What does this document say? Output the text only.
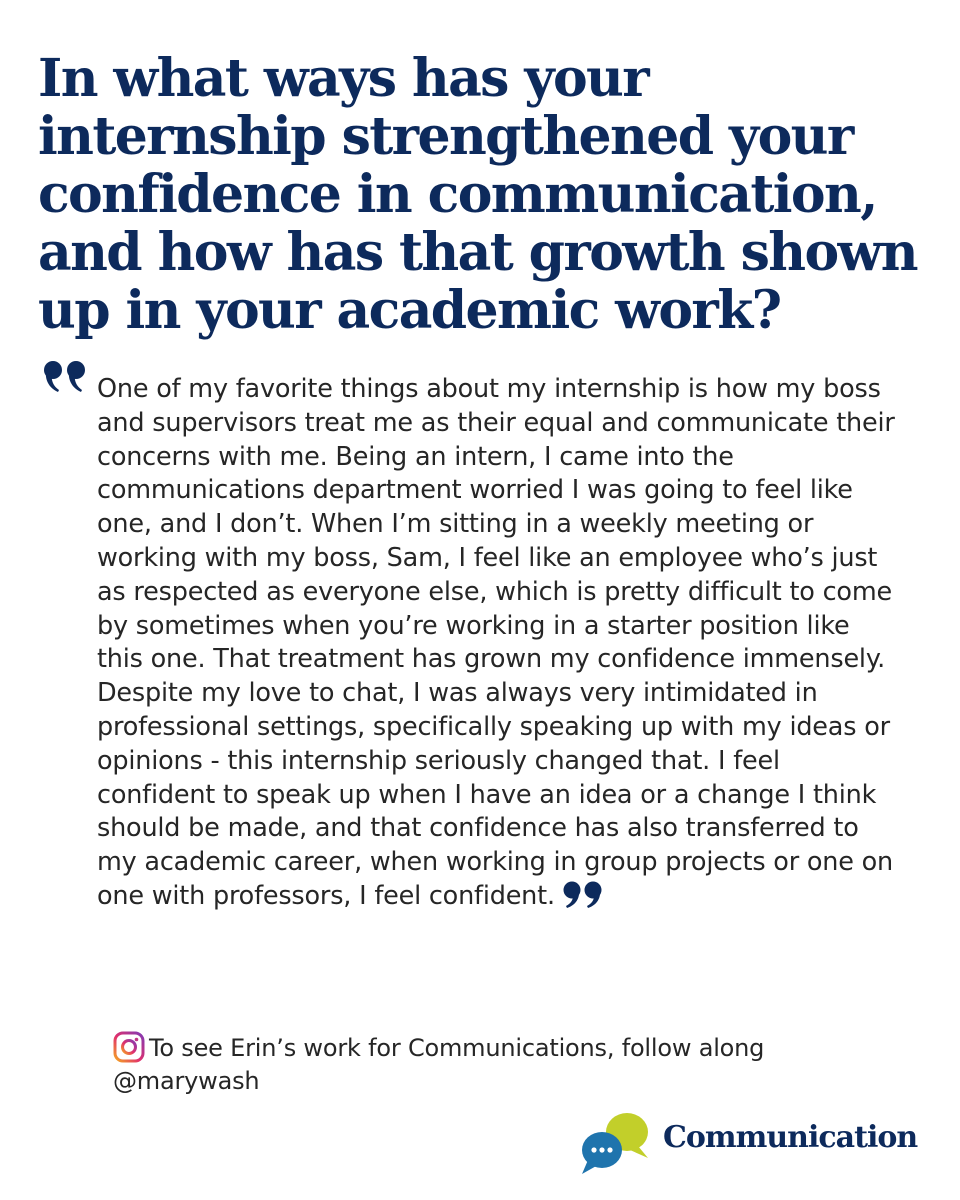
In what ways has your internship strengthened your confidence in communication, and how has that growth shown up in your academic work?

One of my favorite things about my internship is how my boss and supervisors treat me as their equal and communicate their concerns with me. Being an intern, I came into the communications department worried I was going to feel like one, and I don’t. When I’m sitting in a weekly meeting or working with my boss, Sam, I feel like an employee who’s just as respected as everyone else, which is pretty difficult to come by sometimes when you’re working in a starter position like this one. That treatment has grown my confidence immensely. Despite my love to chat, I was always very intimidated in professional settings, specifically speaking up with my ideas or opinions - this internship seriously changed that. I feel confident to speak up when I have an idea or a change I think should be made, and that confidence has also transferred to my academic career, when working in group projects or one on one with professors, I feel confident.

To see Erin’s work for Communications, follow along
@marywash
Communication
